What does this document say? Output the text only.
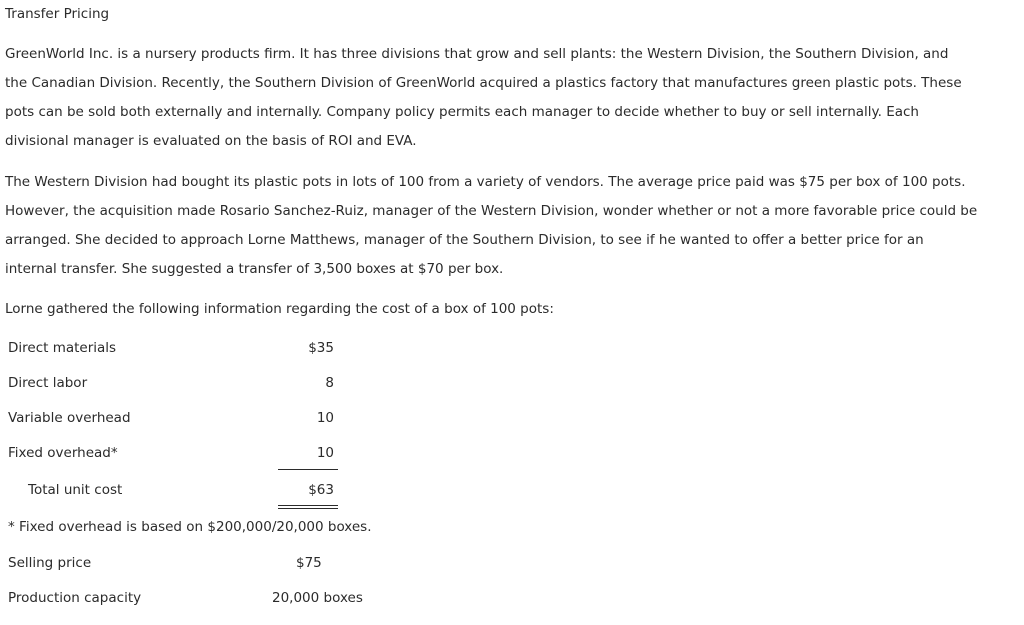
Transfer Pricing

GreenWorld Inc. is a nursery products firm. It has three divisions that grow and sell plants: the Western Division, the Southern Division, and
the Canadian Division. Recently, the Southern Division of GreenWorld acquired a plastics factory that manufactures green plastic pots. These
pots can be sold both externally and internally. Company policy permits each manager to decide whether to buy or sell internally. Each
divisional manager is evaluated on the basis of ROI and EVA.

The Western Division had bought its plastic pots in lots of 100 from a variety of vendors. The average price paid was $75 per box of 100 pots.
However, the acquisition made Rosario Sanchez-Ruiz, manager of the Western Division, wonder whether or not a more favorable price could be
arranged. She decided to approach Lorne Matthews, manager of the Southern Division, to see if he wanted to offer a better price for an
internal transfer. She suggested a transfer of 3,500 boxes at $70 per box.

Lorne gathered the following information regarding the cost of a box of 100 pots:

Direct materials	$35
Direct labor	8
Variable overhead	10
Fixed overhead*	10
Total unit cost	$63
* Fixed overhead is based on $200,000/20,000 boxes.
Selling price	$75
Production capacity	20,000 boxes
